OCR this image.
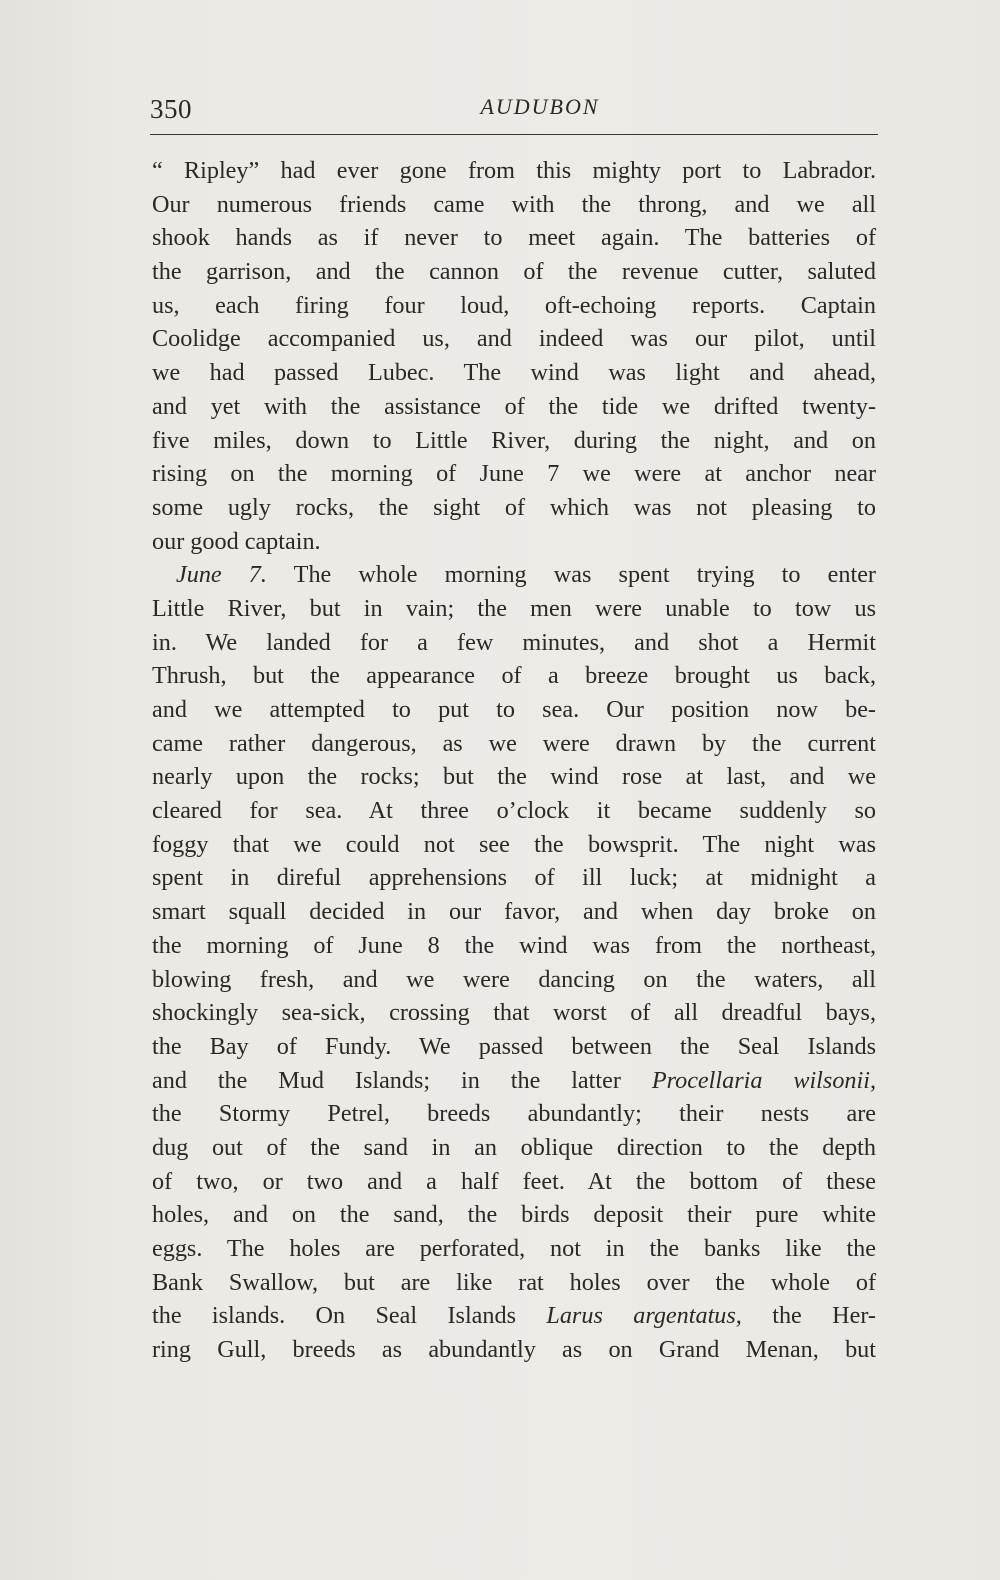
350	AUDUBON
“ Ripley” had ever gone from this mighty port to Labrador.
Our numerous friends came with the throng, and we all
shook hands as if never to meet again. The batteries of
the garrison, and the cannon of the revenue cutter, saluted
us, each firing four loud, oft-echoing reports. Captain
Coolidge accompanied us, and indeed was our pilot, until
we had passed Lubec. The wind was light and ahead,
and yet with the assistance of the tide we drifted twenty-
five miles, down to Little River, during the night, and on
rising on the morning of June 7 we were at anchor near
some ugly rocks, the sight of which was not pleasing to
our good captain.
June 7. The whole morning was spent trying to enter
Little River, but in vain; the men were unable to tow us
in. We landed for a few minutes, and shot a Hermit
Thrush, but the appearance of a breeze brought us back,
and we attempted to put to sea. Our position now be-
came rather dangerous, as we were drawn by the current
nearly upon the rocks; but the wind rose at last, and we
cleared for sea. At three o’clock it became suddenly so
foggy that we could not see the bowsprit. The night was
spent in direful apprehensions of ill luck; at midnight a
smart squall decided in our favor, and when day broke on
the morning of June 8 the wind was from the northeast,
blowing fresh, and we were dancing on the waters, all
shockingly sea-sick, crossing that worst of all dreadful bays,
the Bay of Fundy. We passed between the Seal Islands
and the Mud Islands; in the latter Procellaria wilsonii,
the Stormy Petrel, breeds abundantly; their nests are
dug out of the sand in an oblique direction to the depth
of two, or two and a half feet. At the bottom of these
holes, and on the sand, the birds deposit their pure white
eggs. The holes are perforated, not in the banks like the
Bank Swallow, but are like rat holes over the whole of
the islands. On Seal Islands Larus argentatus, the Her-
ring Gull, breeds as abundantly as on Grand Menan, but
